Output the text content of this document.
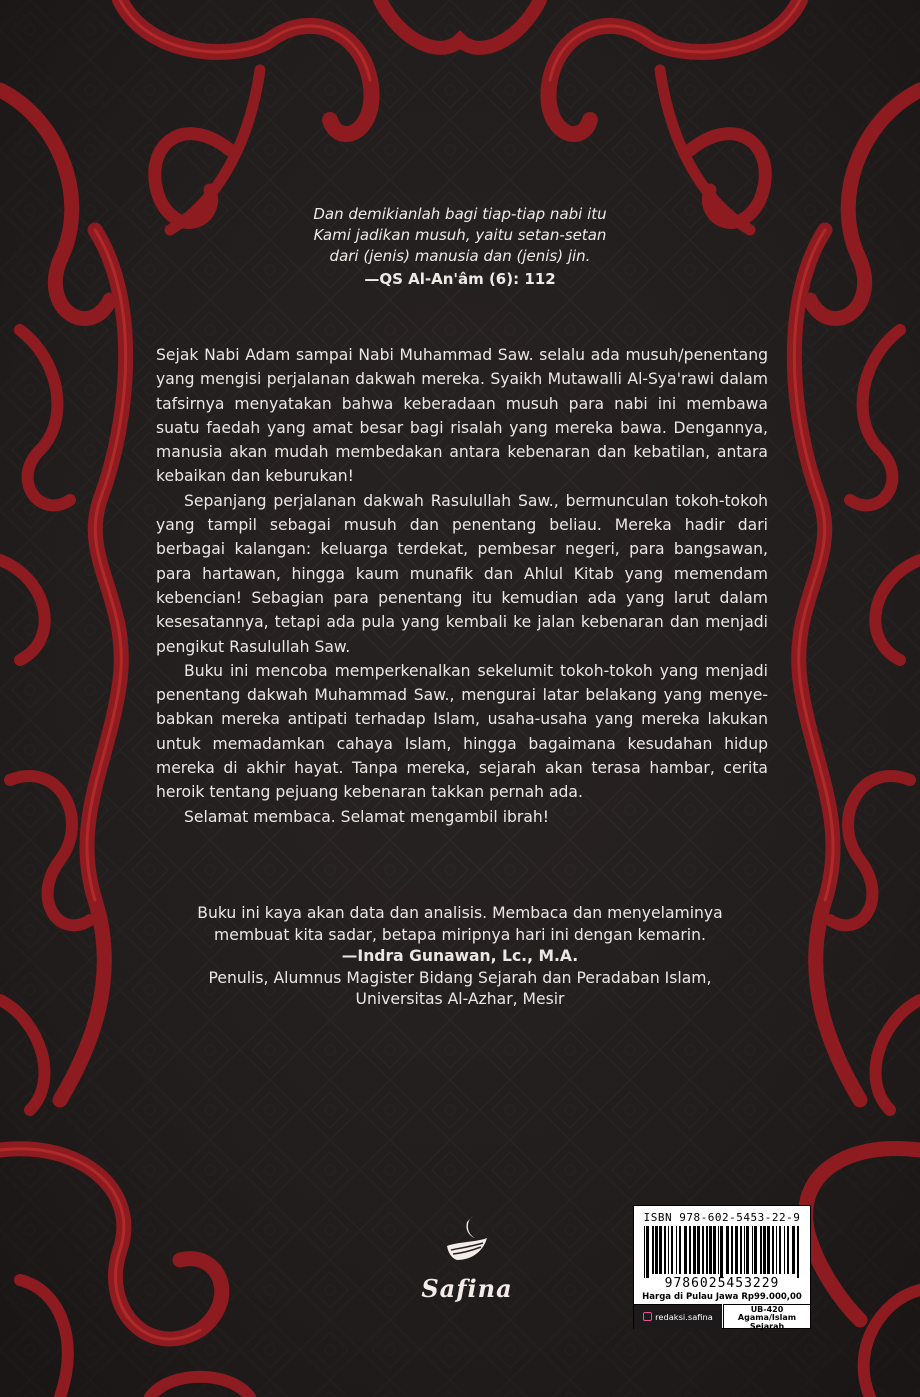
Dan demikianlah bagi tiap-tiap nabi itu
Kami jadikan musuh, yaitu setan-setan
dari (jenis) manusia dan (jenis) jin.
—QS Al-An'âm (6): 112

Sejak Nabi Adam sampai Nabi Muhammad Saw. selalu ada musuh/penentang yang mengisi perjalanan dakwah mereka. Syaikh Mutawalli Al-Sya'rawi dalam tafsirnya menyatakan bahwa keberadaan musuh para nabi ini membawa suatu faedah yang amat besar bagi risalah yang mereka bawa. Dengannya, manusia akan mudah membedakan antara kebenaran dan kebatilan, antara kebaikan dan keburukan!

Sepanjang perjalanan dakwah Rasulullah Saw., bermunculan tokoh-tokoh yang tampil sebagai musuh dan penentang beliau. Mereka hadir dari berbagai kalangan: keluarga terdekat, pembesar negeri, para bangsawan, para hartawan, hingga kaum munafik dan Ahlul Kitab yang memendam kebencian! Sebagian para penentang itu kemudian ada yang larut dalam kesesatannya, tetapi ada pula yang kembali ke jalan kebenaran dan menjadi pengikut Rasulullah Saw.

Buku ini mencoba memperkenalkan sekelumit tokoh-tokoh yang menjadi penentang dakwah Muhammad Saw., mengurai latar belakang yang menyebabkan mereka antipati terhadap Islam, usaha-usaha yang mereka lakukan untuk memadamkan cahaya Islam, hingga bagaimana kesudahan hidup mereka di akhir hayat. Tanpa mereka, sejarah akan terasa hambar, cerita heroik tentang pejuang kebenaran takkan pernah ada.

Selamat membaca. Selamat mengambil ibrah!

Buku ini kaya akan data dan analisis. Membaca dan menyelaminya
membuat kita sadar, betapa miripnya hari ini dengan kemarin.
—Indra Gunawan, Lc., M.A.
Penulis, Alumnus Magister Bidang Sejarah dan Peradaban Islam,
Universitas Al-Azhar, Mesir
Safina
ISBN 978-602-5453-22-9
9786025453229
Harga di Pulau Jawa Rp99.000,00
redaksi.safina
UB-420
Agama/Islam
Sejarah
